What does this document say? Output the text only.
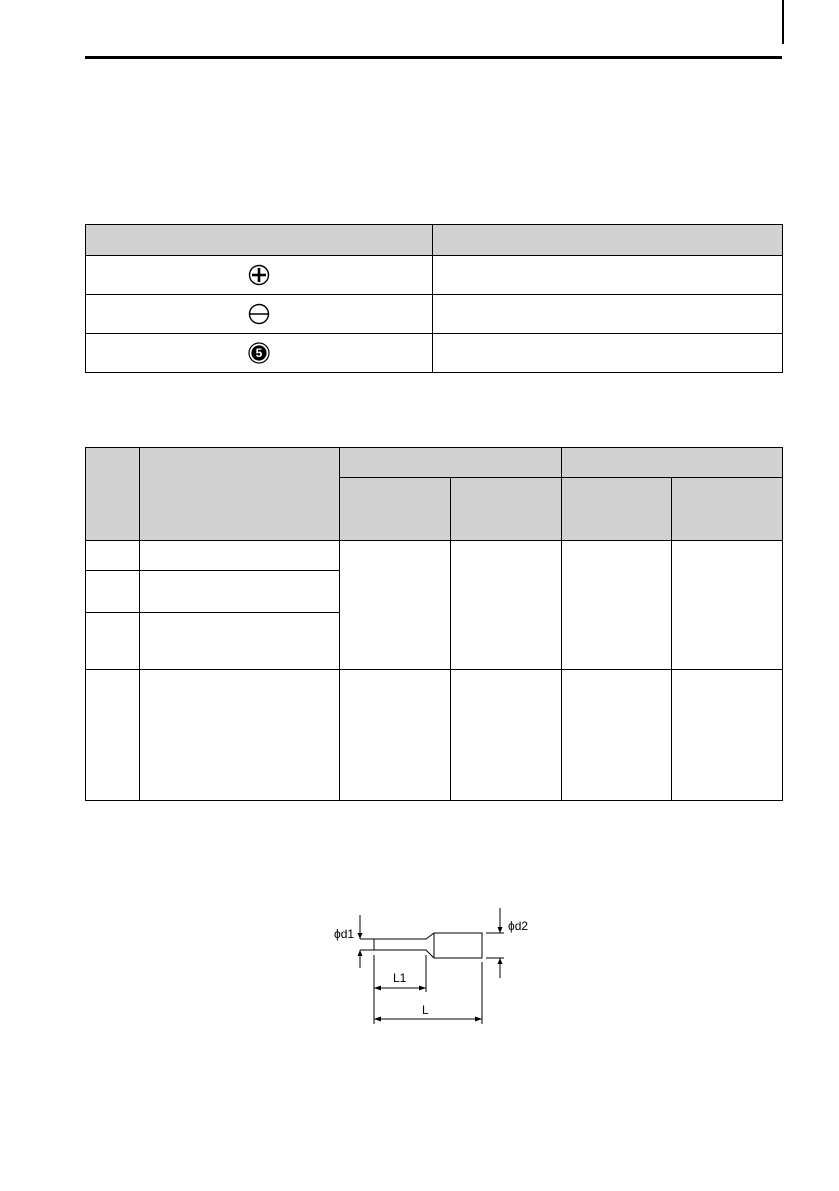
5	

ϕd1
ϕd2
L1
L
